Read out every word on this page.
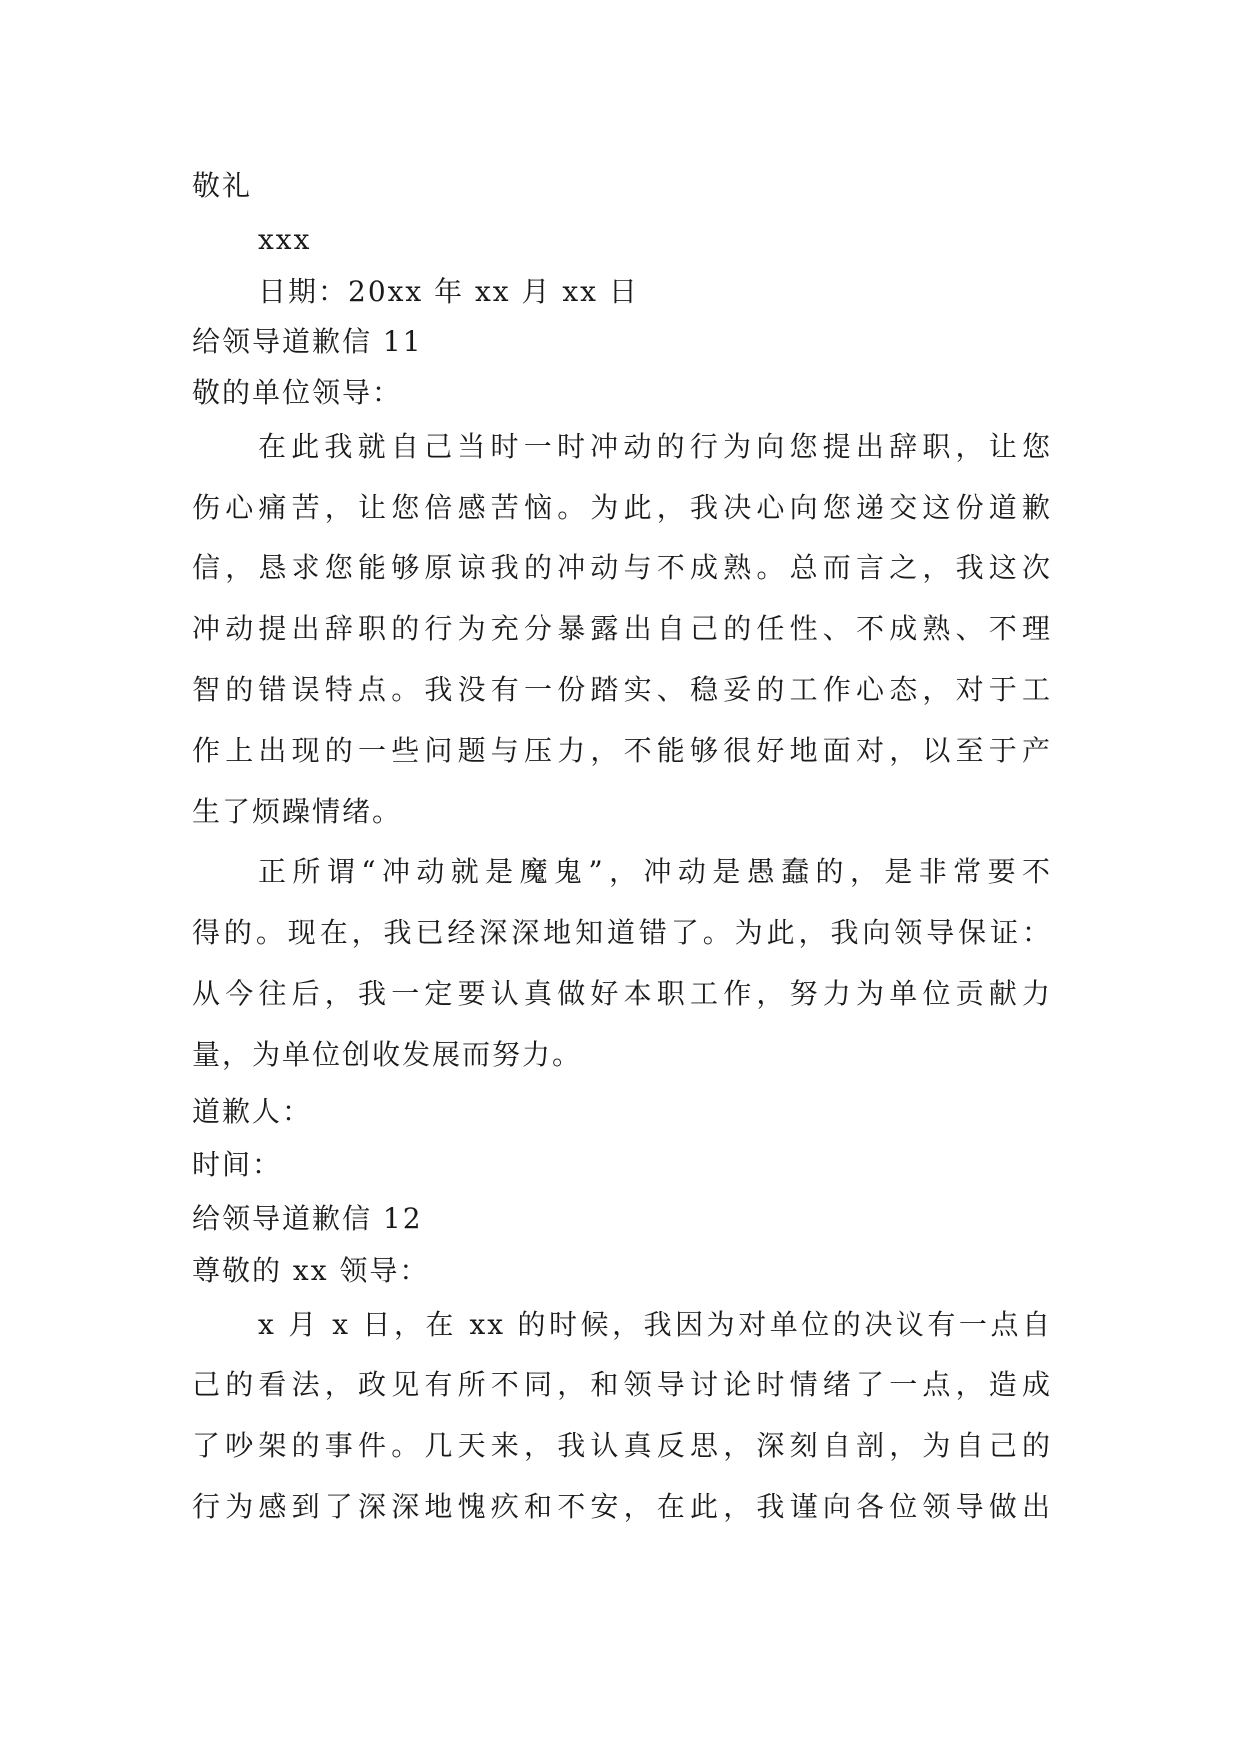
敬礼
xxx
日期：20xx 年 xx 月 xx 日
给领导道歉信 11
敬的单位领导：
在此我就自己当时一时冲动的行为向您提出辞职，让您
伤心痛苦，让您倍感苦恼。为此，我决心向您递交这份道歉
信，恳求您能够原谅我的冲动与不成熟。总而言之，我这次
冲动提出辞职的行为充分暴露出自己的任性、不成熟、不理
智的错误特点。我没有一份踏实、稳妥的工作心态，对于工
作上出现的一些问题与压力，不能够很好地面对，以至于产
生了烦躁情绪。
正所谓“冲动就是魔鬼”，冲动是愚蠢的，是非常要不
得的。现在，我已经深深地知道错了。为此，我向领导保证：
从今往后，我一定要认真做好本职工作，努力为单位贡献力
量，为单位创收发展而努力。
道歉人：
时间：
给领导道歉信 12
尊敬的 xx 领导：
x 月 x 日，在 xx 的时候，我因为对单位的决议有一点自
己的看法，政见有所不同，和领导讨论时情绪了一点，造成
了吵架的事件。几天来，我认真反思，深刻自剖，为自己的
行为感到了深深地愧疚和不安，在此，我谨向各位领导做出
